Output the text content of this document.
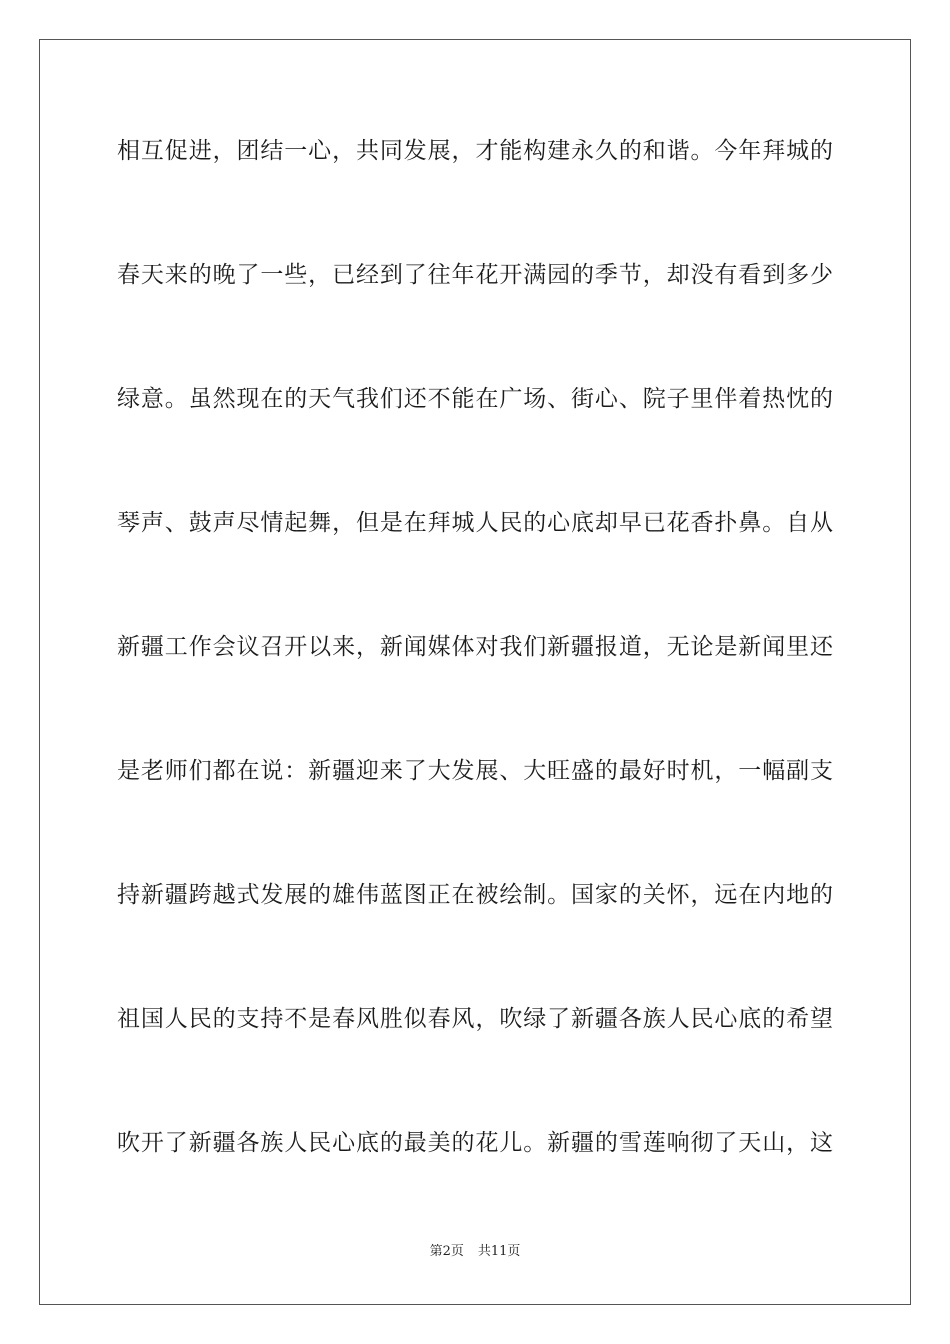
相互促进，团结一心，共同发展，才能构建永久的和谐。今年拜城的
春天来的晚了一些，已经到了往年花开满园的季节，却没有看到多少
绿意。虽然现在的天气我们还不能在广场、街心、院子里伴着热忱的
琴声、鼓声尽情起舞，但是在拜城人民的心底却早已花香扑鼻。自从
新疆工作会议召开以来，新闻媒体对我们新疆报道，无论是新闻里还
是老师们都在说：新疆迎来了大发展、大旺盛的最好时机，一幅副支
持新疆跨越式发展的雄伟蓝图正在被绘制。国家的关怀，远在内地的
祖国人民的支持不是春风胜似春风，吹绿了新疆各族人民心底的希望
吹开了新疆各族人民心底的最美的花儿。新疆的雪莲响彻了天山，这
第2页 共11页
